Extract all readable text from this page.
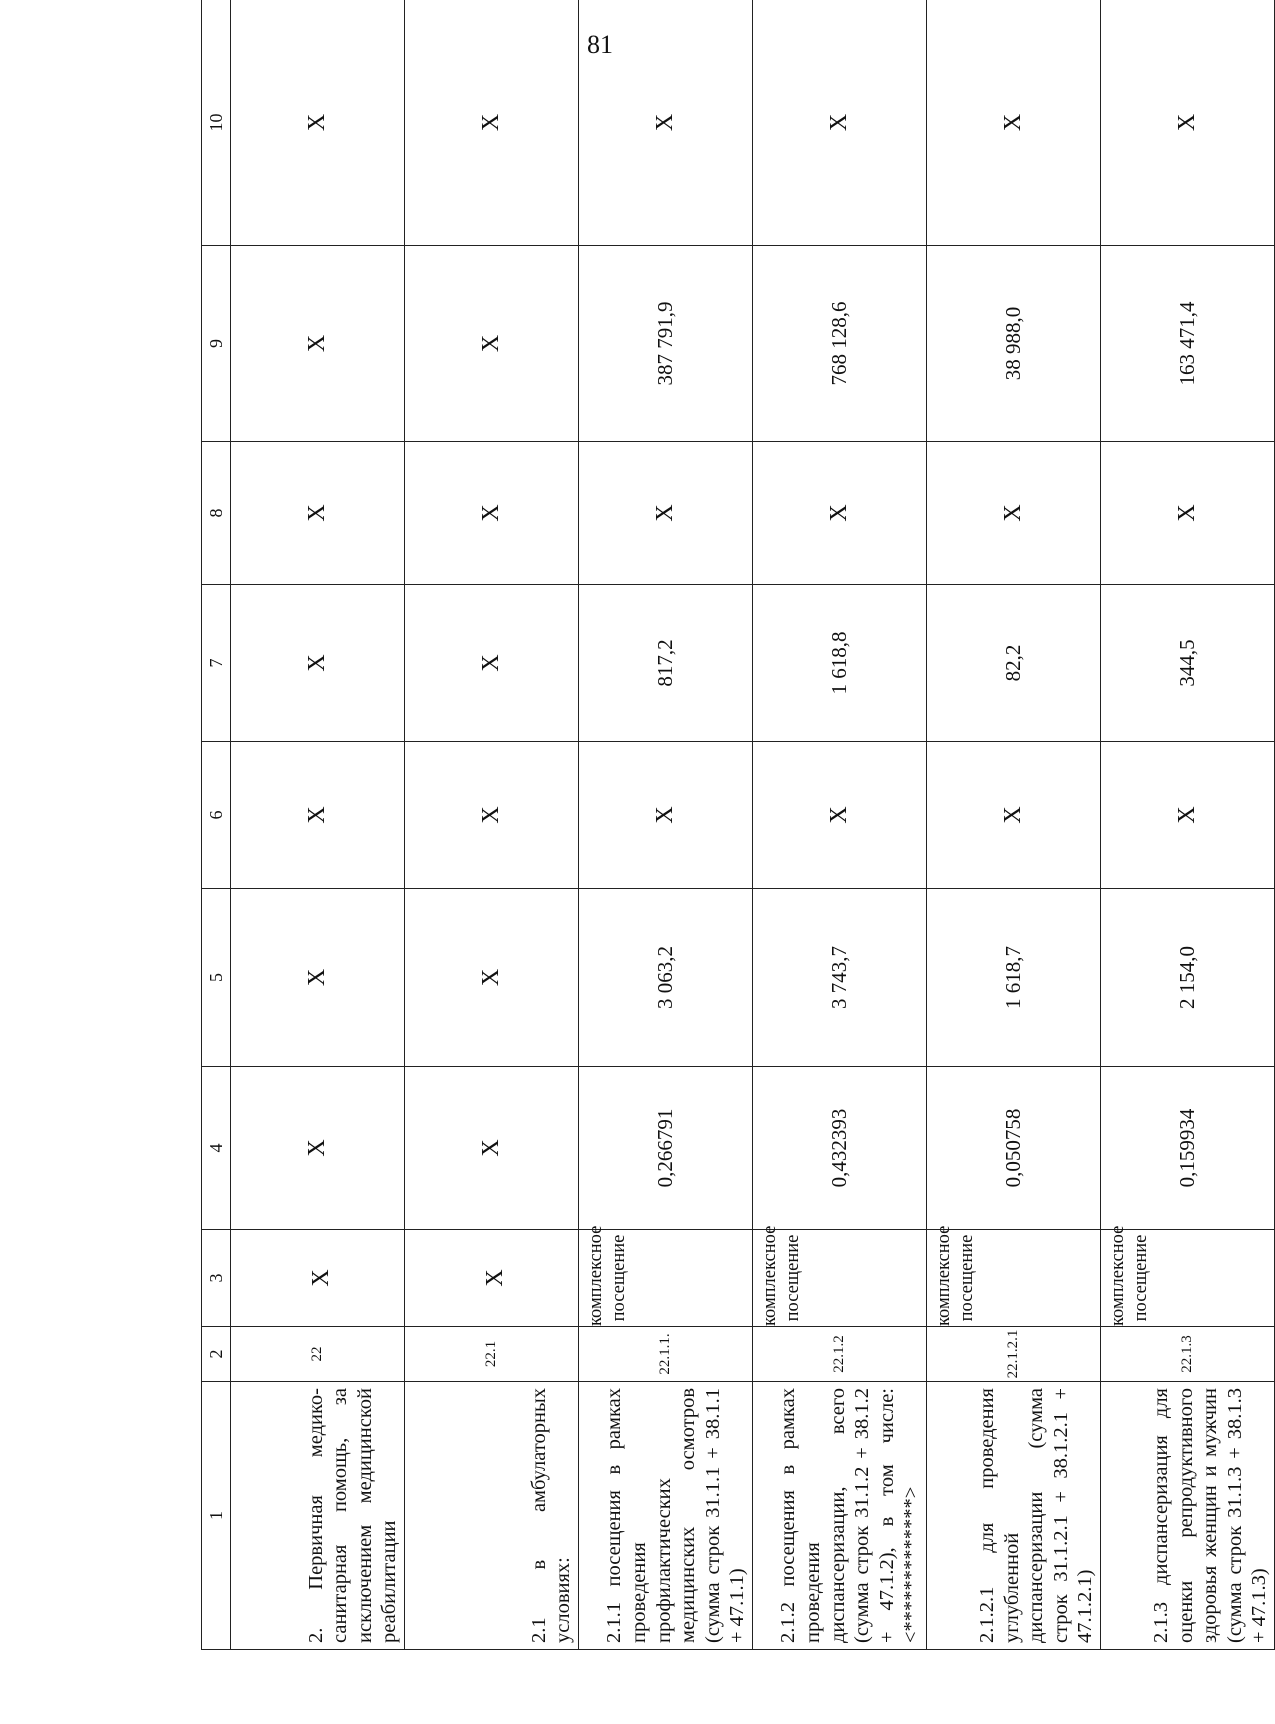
81
1	2	3	4	5	6	7	8	9	10
2. Первичная медико-санитарная помощь, за исключением медицинской реабилитации	22	Х	Х	Х	Х	Х	Х	Х	Х
2.1 в амбулаторных условиях:	22.1	Х	Х	Х	Х	Х	Х	Х	Х
2.1.1 посещения в рамках проведения профилактических медицинских осмотров (сумма строк 31.1.1 + 38.1.1 + 47.1.1)	22.1.1.	комплексное посещение	0,266791	3 063,2	Х	817,2	Х	387 791,9	Х
2.1.2 посещения в рамках проведения диспансеризации, всего (сумма строк 31.1.2 + 38.1.2 + 47.1.2), в том числе: <*************>	22.1.2	комплексное посещение	0,432393	3 743,7	Х	1 618,8	Х	768 128,6	Х
2.1.2.1 для проведения углубленной диспансеризации (сумма строк 31.1.2.1 + 38.1.2.1 + 47.1.2.1)	22.1.2.1	комплексное посещение	0,050758	1 618,7	Х	82,2	Х	38 988,0	Х
2.1.3 диспансеризация для оценки репродуктивного здоровья женщин и мужчин (сумма строк 31.1.3 + 38.1.3 + 47.1.3)	22.1.3	комплексное посещение	0,159934	2 154,0	Х	344,5	Х	163 471,4	Х
